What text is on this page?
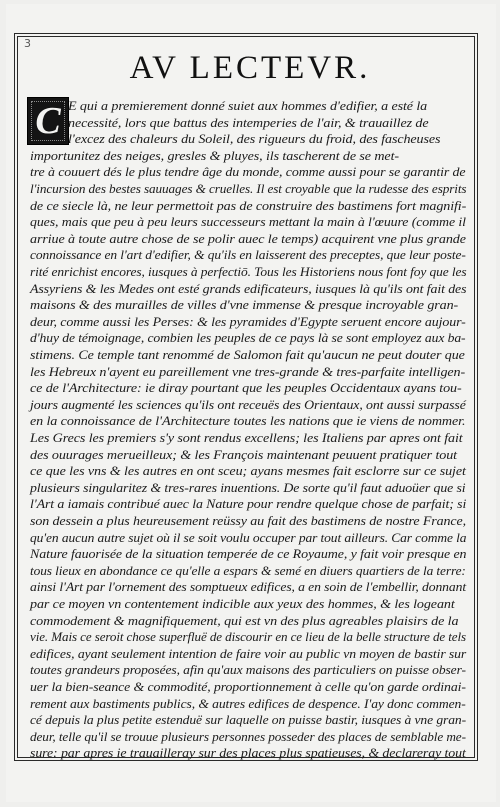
3
AV LECTEVR.
C E qui a premierement donné suiet aux hommes d'edifier, a esté la
necessité, lors que battus des intemperies de l'air, & trauaillez de
l'excez des chaleurs du Soleil, des rigueurs du froid, des fascheuses
importunitez des neiges, gresles & pluyes, ils tascherent de se met-
tre à couuert dés le plus tendre âge du monde, comme aussi pour se garantir de
l'incursion des bestes sauuages & cruelles. Il est croyable que la rudesse des esprits
de ce siecle là, ne leur permettoit pas de construire des bastimens fort magnifi-
ques, mais que peu à peu leurs successeurs mettant la main à l'œuure (comme il
arriue à toute autre chose de se polir auec le temps) acquirent vne plus grande
connoissance en l'art d'edifier, & qu'ils en laisserent des preceptes, que leur poste-
rité enrichist encores, iusques à perfectiō. Tous les Historiens nous font foy que les
Assyriens & les Medes ont esté grands edificateurs, iusques là qu'ils ont fait des
maisons & des murailles de villes d'vne immense & presque incroyable gran-
deur, comme aussi les Perses: & les pyramides d'Egypte seruent encore aujour-
d'huy de témoignage, combien les peuples de ce pays là se sont employez aux ba-
stimens. Ce temple tant renommé de Salomon fait qu'aucun ne peut douter que
les Hebreux n'ayent eu pareillement vne tres-grande & tres-parfaite intelligen-
ce de l'Architecture: ie diray pourtant que les peuples Occidentaux ayans tou-
jours augmenté les sciences qu'ils ont receuës des Orientaux, ont aussi surpassé
en la connoissance de l'Architecture toutes les nations que ie viens de nommer.
Les Grecs les premiers s'y sont rendus excellens; les Italiens par apres ont fait
des ouurages merueilleux; & les François maintenant peuuent pratiquer tout
ce que les vns & les autres en ont sceu; ayans mesmes fait esclorre sur ce sujet
plusieurs singularitez & tres-rares inuentions. De sorte qu'il faut aduoüer que si
l'Art a iamais contribué auec la Nature pour rendre quelque chose de parfait; si
son dessein a plus heureusement reüssy au fait des bastimens de nostre France,
qu'en aucun autre sujet où il se soit voulu occuper par tout ailleurs. Car comme la
Nature fauorisée de la situation temperée de ce Royaume, y fait voir presque en
tous lieux en abondance ce qu'elle a espars & semé en diuers quartiers de la terre:
ainsi l'Art par l'ornement des somptueux edifices, a en soin de l'embellir, donnant
par ce moyen vn contentement indicible aux yeux des hommes, & les logeant
commodement & magnifiquement, qui est vn des plus agreables plaisirs de la
vie. Mais ce seroit chose superfluë de discourir en ce lieu de la belle structure de tels
edifices, ayant seulement intention de faire voir au public vn moyen de bastir sur
toutes grandeurs proposées, afin qu'aux maisons des particuliers on puisse obser-
uer la bien-seance & commodité, proportionnement à celle qu'on garde ordinai-
rement aux bastiments publics, & autres edifices de despence. I'ay donc commen-
cé depuis la plus petite estenduë sur laquelle on puisse bastir, iusques à vne gran-
deur, telle qu'il se trouue plusieurs personnes posseder des places de semblable me-
sure: par apres ie trauailleray sur des places plus spatieuses, & declareray tout
